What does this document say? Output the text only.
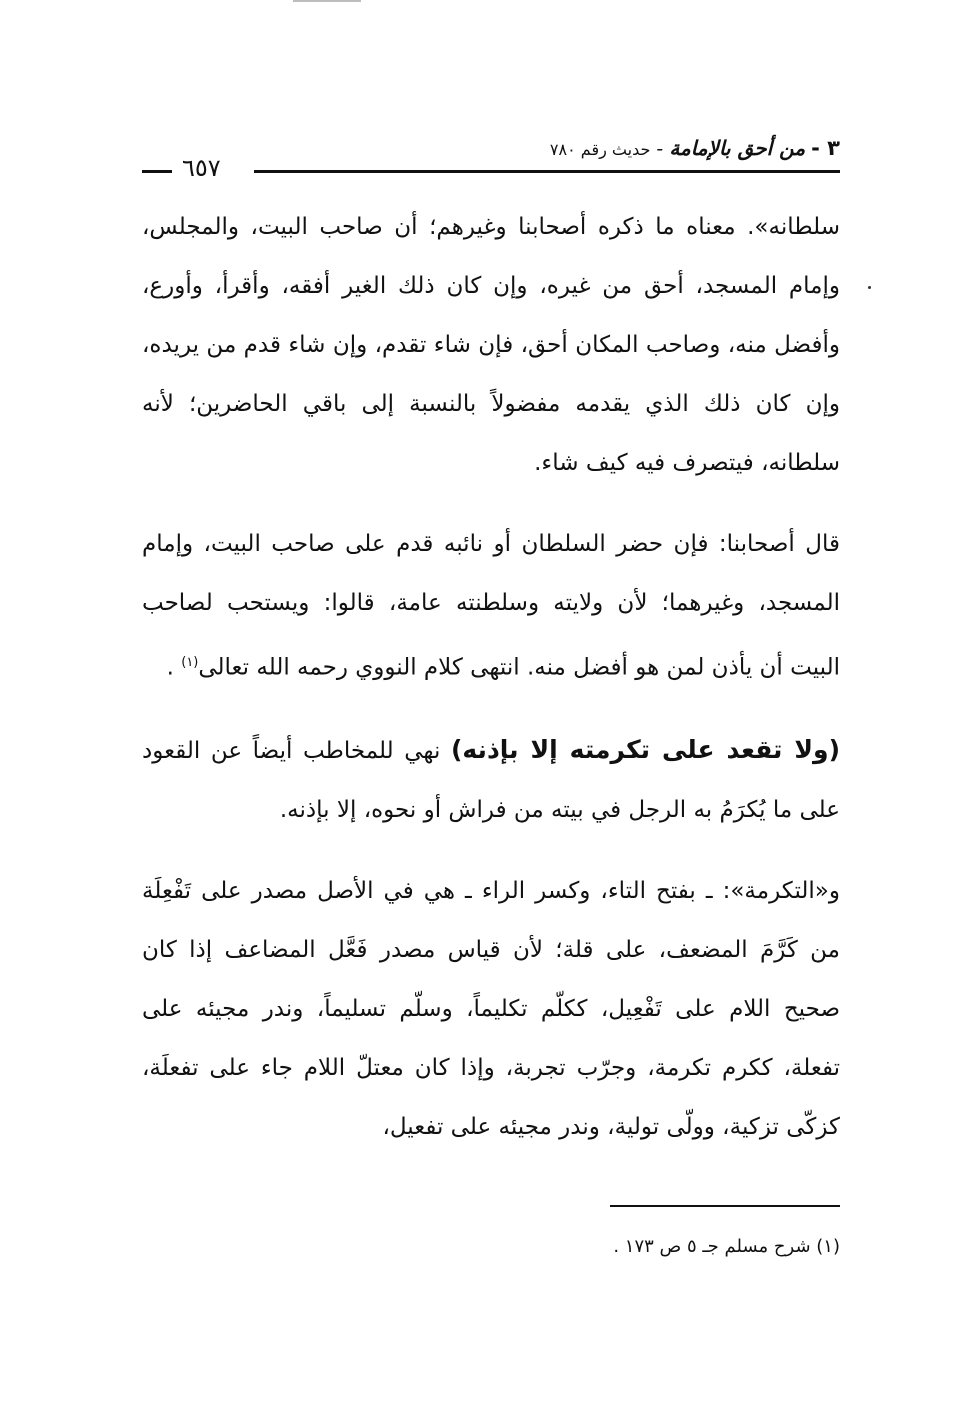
٣ - من أحق بالإمامة - حديث رقم ٧٨٠
٦٥٧

سلطانه». معناه ما ذكره أصحابنا وغيرهم؛ أن صاحب البيت، والمجلس، وإمام المسجد، أحق من غيره، وإن كان ذلك الغير أفقه، وأقرأ، وأورع، وأفضل منه، وصاحب المكان أحق، فإن شاء تقدم، وإن شاء قدم من يريده، وإن كان ذلك الذي يقدمه مفضولاً بالنسبة إلى باقي الحاضرين؛ لأنه سلطانه، فيتصرف فيه كيف شاء.

قال أصحابنا: فإن حضر السلطان أو نائبه قدم على صاحب البيت، وإمام المسجد، وغيرهما؛ لأن ولايته وسلطنته عامة، قالوا: ويستحب لصاحب البيت أن يأذن لمن هو أفضل منه. انتهى كلام النووي رحمه الله تعالى$^{(١)}$ .

(ولا تقعد على تكرمته إلا بإذنه) نهي للمخاطب أيضاً عن القعود على ما يُكرَمُ به الرجل في بيته من فراش أو نحوه، إلا بإذنه.

و«التكرمة»: ـ بفتح التاء، وكسر الراء ـ هي في الأصل مصدر على تَفْعِلَة من كَرَّمَ المضعف، على قلة؛ لأن قياس مصدر فَعَّل المضاعف إذا كان صحيح اللام على تَفْعِيل، ككلّم تكليماً، وسلّم تسليماً، وندر مجيئه على تفعلة، ككرم تكرمة، وجرّب تجربة، وإذا كان معتلّ اللام جاء على تفعلَة، كزكّى تزكية، وولّى تولية، وندر مجيئه على تفعيل،

(١) شرح مسلم جـ ٥ ص ١٧٣ .
